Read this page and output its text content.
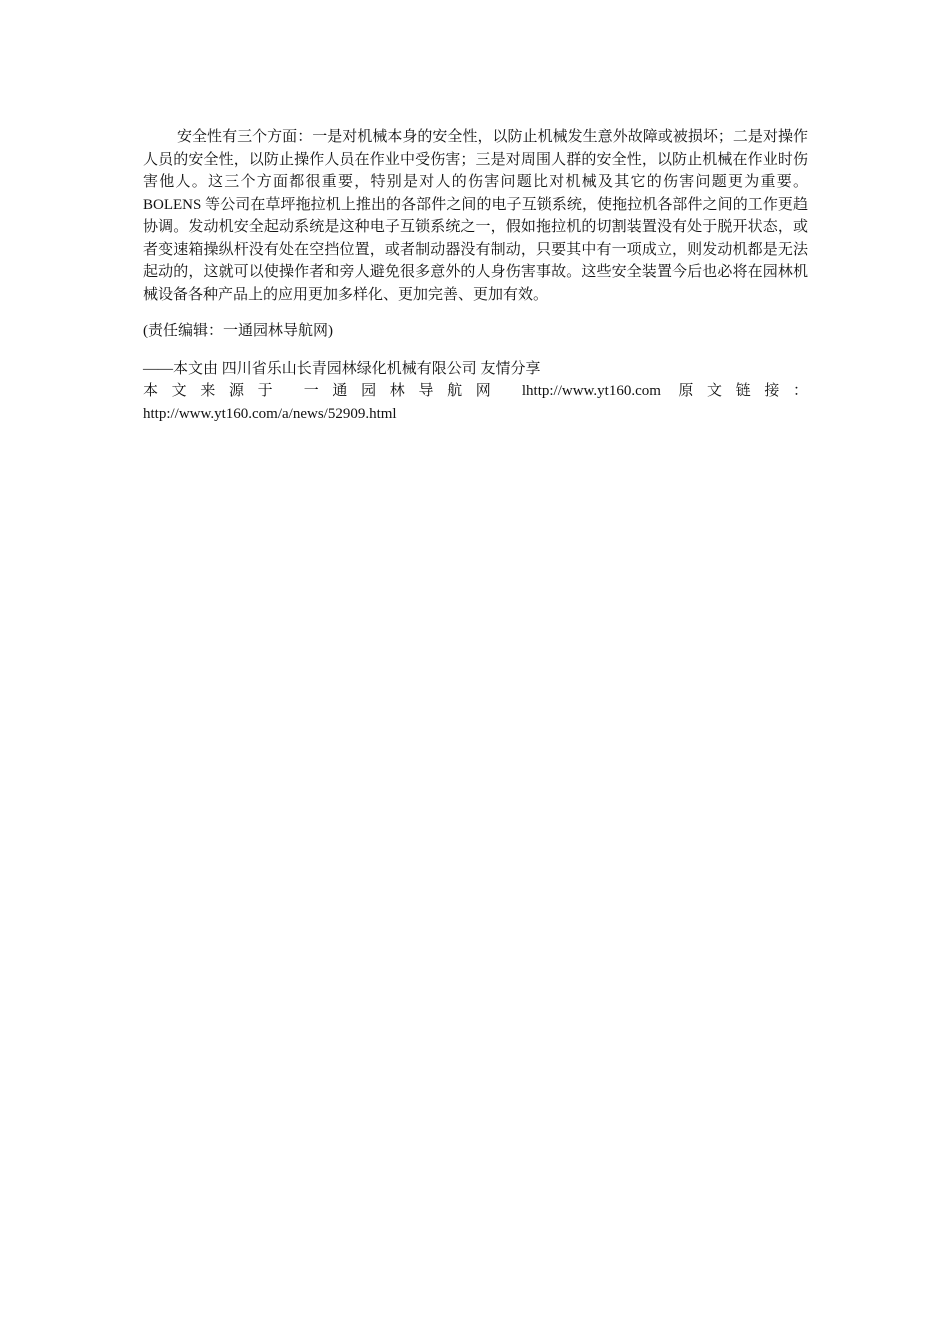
安全性有三个方面：一是对机械本身的安全性，以防止机械发生意外故障或被损坏；二是对操作人员的安全性，以防止操作人员在作业中受伤害；三是对周围人群的安全性，以防止机械在作业时伤害他人。这三个方面都很重要，特别是对人的伤害问题比对机械及其它的伤害问题更为重要。BOLENS 等公司在草坪拖拉机上推出的各部件之间的电子互锁系统，使拖拉机各部件之间的工作更趋协调。发动机安全起动系统是这种电子互锁系统之一，假如拖拉机的切割装置没有处于脱开状态，或者变速箱操纵杆没有处在空挡位置，或者制动器没有制动，只要其中有一项成立，则发动机都是无法起动的，这就可以使操作者和旁人避免很多意外的人身伤害事故。这些安全装置今后也必将在园林机械设备各种产品上的应用更加多样化、更加完善、更加有效。

(责任编辑：一通园林导航网)

——本文由 四川省乐山长青园林绿化机械有限公司 友情分享

本文来源于 一通园林导航网 lhttp://www.yt160.com 原文链接：

http://www.yt160.com/a/news/52909.html
